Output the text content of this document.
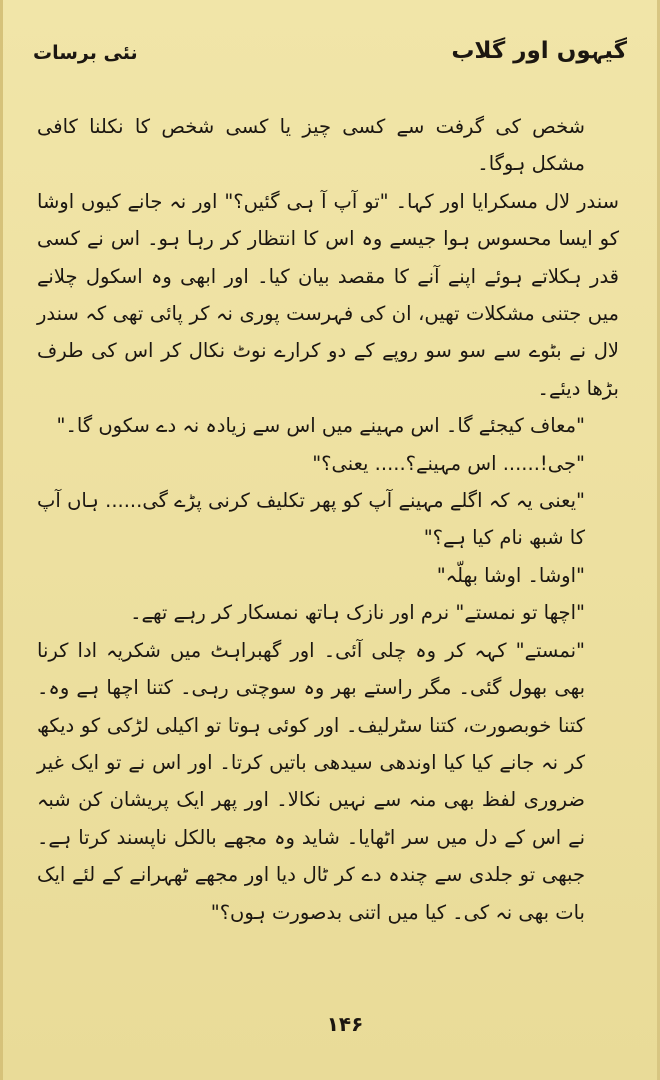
گیہوں اور گلاب
نئی برسات

شخص کی گرفت سے کسی چیز یا کسی شخص کا نکلنا کافی مشکل ہوگا۔

سندر لال مسکرایا اور کہا۔ "تو آپ آ ہی گئیں؟" اور نہ جانے کیوں اوشا کو ایسا محسوس ہوا جیسے وہ اس کا انتظار کر رہا ہو۔ اس نے کسی قدر ہکلاتے ہوئے اپنے آنے کا مقصد بیان کیا۔ اور ابھی وہ اسکول چلانے میں جتنی مشکلات تھیں، ان کی فہرست پوری نہ کر پائی تھی کہ سندر لال نے بٹوے سے سو سو روپے کے دو کرارے نوٹ نکال کر اس کی طرف بڑھا دیئے۔

"معاف کیجئے گا۔ اس مہینے میں اس سے زیادہ نہ دے سکوں گا۔"

"جی!...... اس مہینے؟..... یعنی؟"

"یعنی یہ کہ اگلے مہینے آپ کو پھر تکلیف کرنی پڑے گی...... ہاں آپ کا شبھ نام کیا ہے؟"

"اوشا۔ اوشا بھلّہ"

"اچھا تو نمستے" نرم اور نازک ہاتھ نمسکار کر رہے تھے۔

"نمستے" کہہ کر وہ چلی آئی۔ اور گھبراہٹ میں شکریہ ادا کرنا بھی بھول گئی۔ مگر راستے بھر وہ سوچتی رہی۔ کتنا اچھا ہے وہ۔ کتنا خوبصورت، کتنا سٹرلیف۔ اور کوئی ہوتا تو اکیلی لڑکی کو دیکھ کر نہ جانے کیا کیا اوندھی سیدھی باتیں کرتا۔ اور اس نے تو ایک غیر ضروری لفظ بھی منہ سے نہیں نکالا۔ اور پھر ایک پریشان کن شبہ نے اس کے دل میں سر اٹھایا۔ شاید وہ مجھے بالکل ناپسند کرتا ہے۔ جبھی تو جلدی سے چندہ دے کر ٹال دیا اور مجھے ٹھہرانے کے لئے ایک بات بھی نہ کی۔ کیا میں اتنی بدصورت ہوں؟"

۱۴۶
